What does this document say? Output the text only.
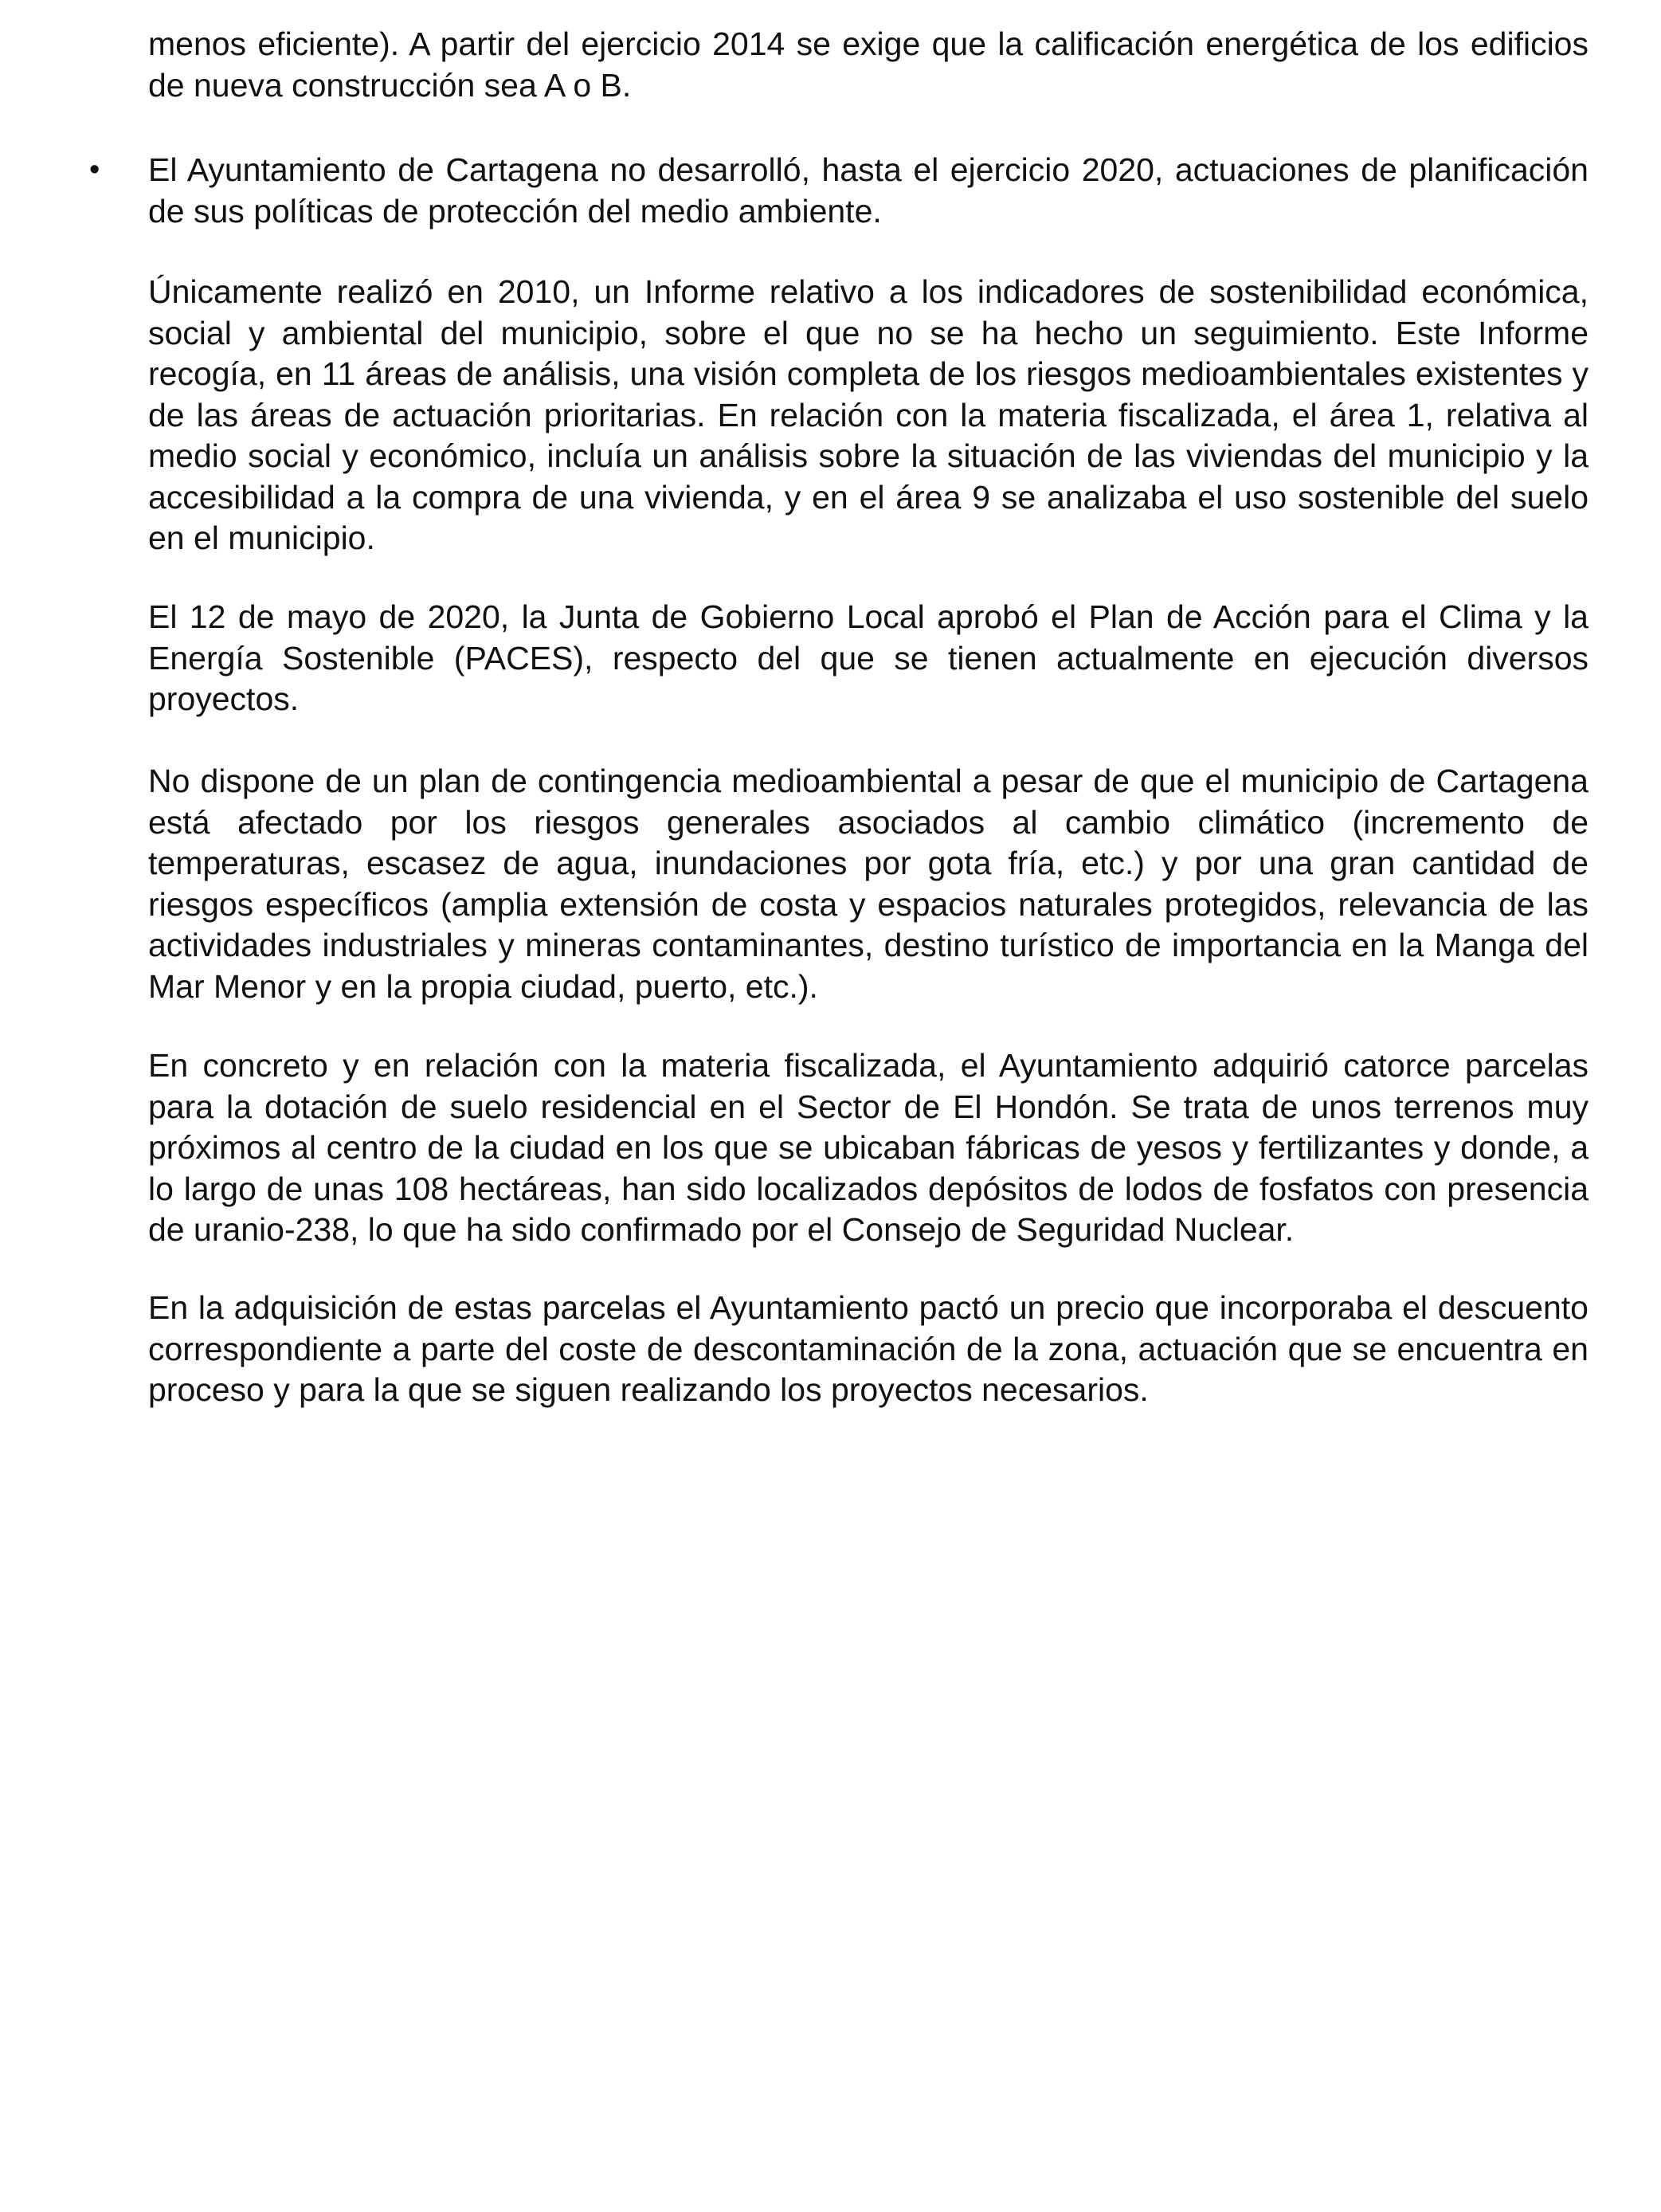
menos eficiente). A partir del ejercicio 2014 se exige que la calificación energética de los edificios de nueva construcción sea A o B.

• El Ayuntamiento de Cartagena no desarrolló, hasta el ejercicio 2020, actuaciones de planificación de sus políticas de protección del medio ambiente.

Únicamente realizó en 2010, un Informe relativo a los indicadores de sostenibilidad económica, social y ambiental del municipio, sobre el que no se ha hecho un seguimiento. Este Informe recogía, en 11 áreas de análisis, una visión completa de los riesgos medioambientales existentes y de las áreas de actuación prioritarias. En relación con la materia fiscalizada, el área 1, relativa al medio social y económico, incluía un análisis sobre la situación de las viviendas del municipio y la accesibilidad a la compra de una vivienda, y en el área 9 se analizaba el uso sostenible del suelo en el municipio.

El 12 de mayo de 2020, la Junta de Gobierno Local aprobó el Plan de Acción para el Clima y la Energía Sostenible (PACES), respecto del que se tienen actualmente en ejecución diversos proyectos.

No dispone de un plan de contingencia medioambiental a pesar de que el municipio de Cartagena está afectado por los riesgos generales asociados al cambio climático (incremento de temperaturas, escasez de agua, inundaciones por gota fría, etc.) y por una gran cantidad de riesgos específicos (amplia extensión de costa y espacios naturales protegidos, relevancia de las actividades industriales y mineras contaminantes, destino turístico de importancia en la Manga del Mar Menor y en la propia ciudad, puerto, etc.).

En concreto y en relación con la materia fiscalizada, el Ayuntamiento adquirió catorce parcelas para la dotación de suelo residencial en el Sector de El Hondón. Se trata de unos terrenos muy próximos al centro de la ciudad en los que se ubicaban fábricas de yesos y fertilizantes y donde, a lo largo de unas 108 hectáreas, han sido localizados depósitos de lodos de fosfatos con presencia de uranio-238, lo que ha sido confirmado por el Consejo de Seguridad Nuclear.

En la adquisición de estas parcelas el Ayuntamiento pactó un precio que incorporaba el descuento correspondiente a parte del coste de descontaminación de la zona, actuación que se encuentra en proceso y para la que se siguen realizando los proyectos necesarios.
